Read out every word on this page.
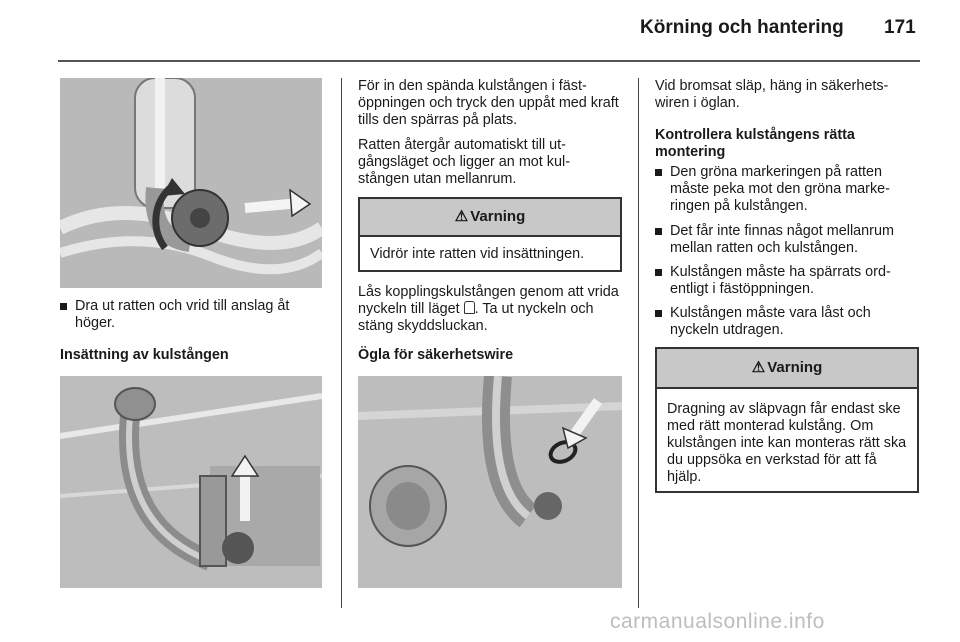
Körning och hantering 171
Dra ut ratten och vrid till anslag åt höger.
Insättning av kulstången
För in den spända kulstången i fäst-öppningen och tryck den uppåt med kraft tills den spärras på plats.
Ratten återgår automatiskt till ut-gångsläget och ligger an mot kul-stången utan mellanrum.
⚠ Varning
Vidrör inte ratten vid insättningen.
Lås kopplingskulstången genom att vrida nyckeln till läget . Ta ut nyckeln och stäng skyddsluckan.
Ögla för säkerhetswire
Vid bromsat släp, häng in säkerhets-wiren i öglan.
Kontrollera kulstångens rätta montering
Den gröna markeringen på ratten måste peka mot den gröna marke-ringen på kulstången.
Det får inte finnas något mellanrum mellan ratten och kulstången.
Kulstången måste ha spärrats ord-entligt i fästöppningen.
Kulstången måste vara låst och nyckeln utdragen.
⚠ Varning
Dragning av släpvagn får endast ske med rätt monterad kulstång. Om kulstången inte kan monteras rätt ska du uppsöka en verkstad för att få hjälp.
carmanualsonline.info
